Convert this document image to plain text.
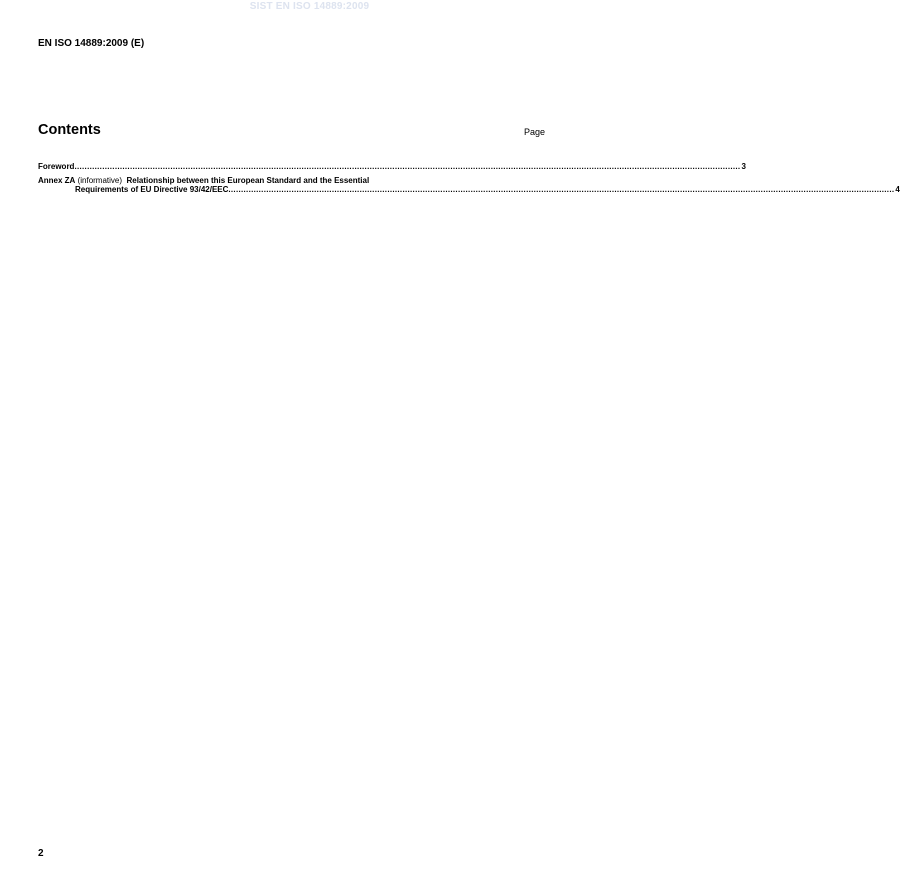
SIST EN ISO 14889:2009
EN ISO 14889:2009 (E)
Contents	Page
Foreword ........................................................................................................................................................................................................................................................................ 3
Annex ZA (informative) Relationship between this European Standard and the Essential
Requirements of EU Directive 93/42/EEC ........................................................................................................................................................................................................................................................................ 4
2
